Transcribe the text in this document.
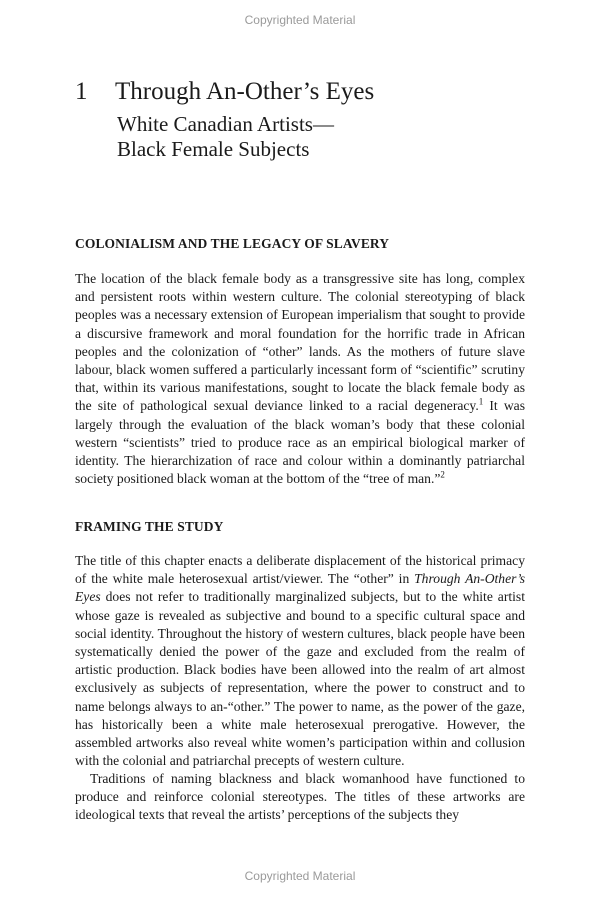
Copyrighted Material
1	Through An-Other’s Eyes
White Canadian Artists—
Black Female Subjects
COLONIALISM AND THE LEGACY OF SLAVERY

The location of the black female body as a transgressive site has long, complex and persistent roots within western culture. The colonial stereotyping of black peoples was a necessary extension of European imperialism that sought to provide a discursive framework and moral foundation for the horrific trade in African peoples and the colonization of “other” lands. As the mothers of future slave labour, black women suffered a particularly incessant form of “scientific” scrutiny that, within its various manifestations, sought to locate the black female body as the site of pathological sexual deviance linked to a racial degeneracy.$^1$ It was largely through the evaluation of the black woman’s body that these colonial western “scientists” tried to produce race as an empirical biological marker of identity. The hierarchization of race and colour within a dominantly patriarchal society positioned black woman at the bottom of the “tree of man.”$^2$

FRAMING THE STUDY

The title of this chapter enacts a deliberate displacement of the historical primacy of the white male heterosexual artist/viewer. The “other” in Through An-Other’s Eyes does not refer to traditionally marginalized subjects, but to the white artist whose gaze is revealed as subjective and bound to a specific cultural space and social identity. Throughout the history of western cultures, black people have been systematically denied the power of the gaze and excluded from the realm of artistic production. Black bodies have been allowed into the realm of art almost exclusively as subjects of representation, where the power to construct and to name belongs always to an-“other.” The power to name, as the power of the gaze, has historically been a white male heterosexual prerogative. However, the assembled artworks also reveal white women’s participation within and collusion with the colonial and patriarchal precepts of western culture.

Traditions of naming blackness and black womanhood have functioned to produce and reinforce colonial stereotypes. The titles of these artworks are ideological texts that reveal the artists’ perceptions of the subjects they

Copyrighted Material
